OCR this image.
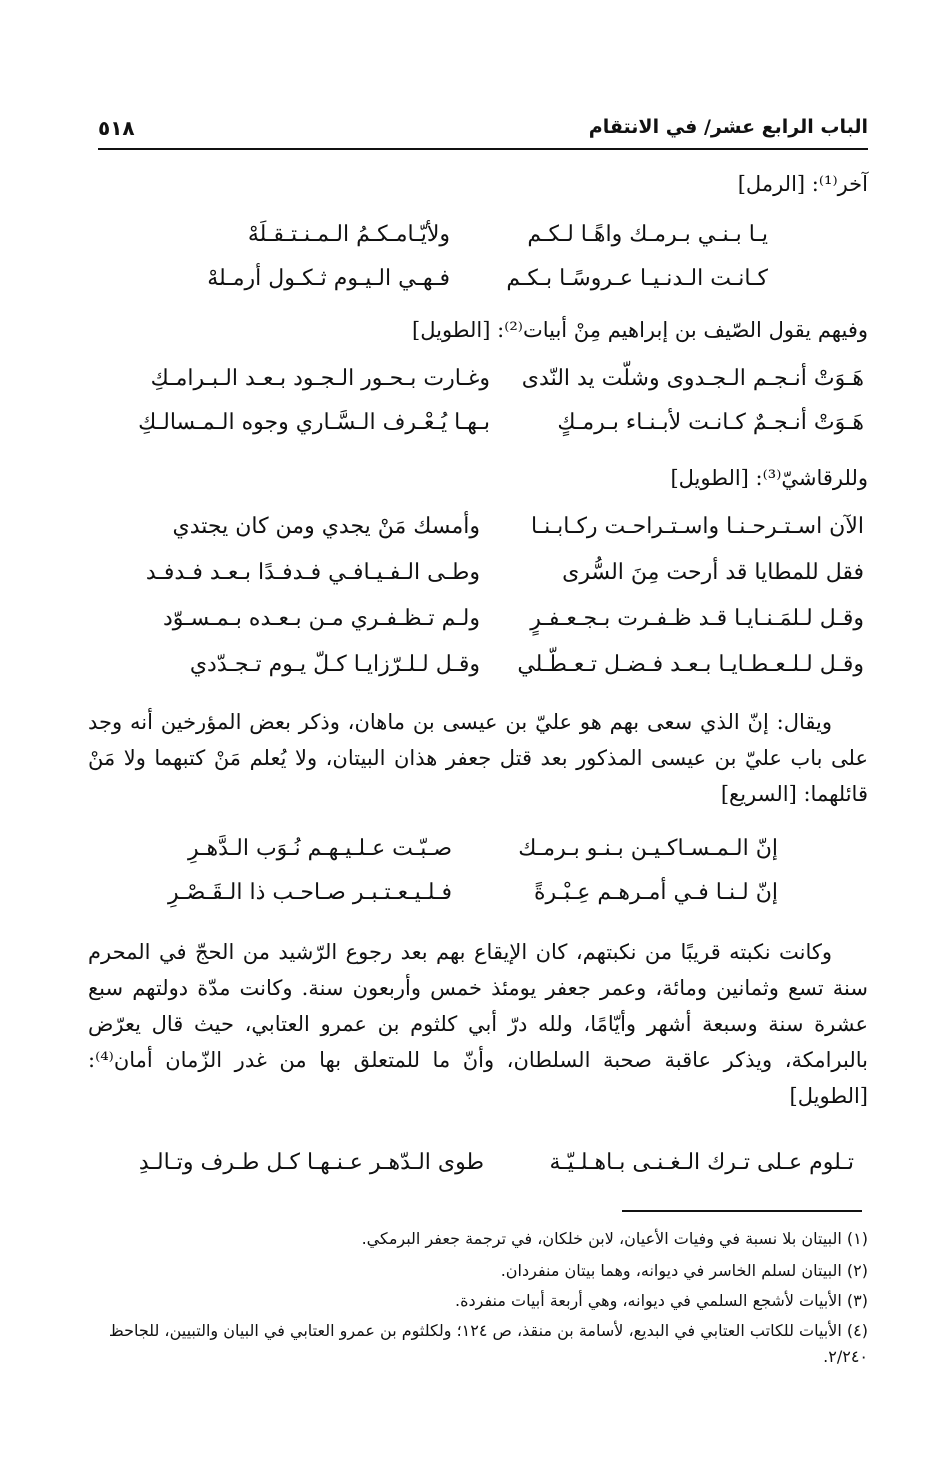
الباب الرابع عشر/ في الانتقام
٥١٨
آخر⁽¹⁾: [الرمل]
يـا بـنـي بـرمـك واهًـا لـكـم
ولأيّـامـكـمُ الـمـنـتـقـلَهْ
كـانـت الـدنـيـا عـروسًـا بـكـم
فـهـي الـيـوم ثـكـول أرمـلهْ
وفيهم يقول الصّيف بن إبراهيم مِنْ أبيات⁽²⁾: [الطويل]
هَـوَتْ أنـجـم الـجـدوى وشلّت يد النّدى
وغـارت بـحـور الـجـود بـعـد الـبـرامـكِ
هَـوَتْ أنـجـمٌ كـانـت لأبـنـاء بـرمـكٍ
بـهـا يُـعْـرف الـسَّـاري وجوه الـمـسالـكِ
وللرقاشيّ⁽³⁾: [الطويل]
الآن اسـتـرحـنـا واسـتـراحـت ركـابـنـا
وأمسك مَنْ يجدي ومن كان يجتدي
فقل للمطايا قد أرحت مِنَ السُّرى
وطـى الـفـيـافـي فـدفـدًا بـعـد فـدفـد
وقـل لـلمَـنـايـا قـد ظـفـرت بـجـعـفـرٍ
ولـم تـظـفـري مـن بـعـده بـمـسـوّد
وقـل لـلـعـطـايـا بـعـد فـضـل تـعـطّـلي
وقـل لـلـرّزايـا كـلّ يـوم تـجـدّدي
ويقال: إنّ الذي سعى بهم هو عليّ بن عيسى بن ماهان، وذكر بعض المؤرخين أنه وجد على باب عليّ بن عيسى المذكور بعد قتل جعفر هذان البيتان، ولا يُعلم مَنْ كتبهما ولا مَنْ قائلهما: [السريع]
إنّ الـمـسـاكـيـن بـنـو بـرمـك
صـبّـت عـلـيـهـم نُـوَب الـدَّهـرِ
إنّ لـنـا فـي أمـرهـم عِـبْـرةً
فـلـيـعـتـبـر صـاحـب ذا الـقَـصْـرِ
وكانت نكبته قريبًا من نكبتهم، كان الإيقاع بهم بعد رجوع الرّشيد من الحجّ في المحرم سنة تسع وثمانين ومائة، وعمر جعفر يومئذ خمس وأربعون سنة. وكانت مدّة دولتهم سبع عشرة سنة وسبعة أشهر وأيّامًا، ولله درّ أبي كلثوم بن عمرو العتابي، حيث قال يعرّض بالبرامكة، ويذكر عاقبة صحبة السلطان، وأنّ ما للمتعلق بها من غدر الزّمان أمان⁽⁴⁾: [الطويل]
تـلوم عـلى تـرك الـغـنـى بـاهـلـيّـة
طوى الـدّهـر عـنـهـا كـل طـرف وتـالـدِ
(١) البيتان بلا نسبة في وفيات الأعيان، لابن خلكان، في ترجمة جعفر البرمكي.
(٢) البيتان لسلم الخاسر في ديوانه، وهما بيتان منفردان.
(٣) الأبيات لأشجع السلمي في ديوانه، وهي أربعة أبيات منفردة.
(٤) الأبيات للكاتب العتابي في البديع، لأسامة بن منقذ، ص ١٢٤؛ ولكلثوم بن عمرو العتابي في البيان والتبيين، للجاحظ ٢/٢٤٠.
